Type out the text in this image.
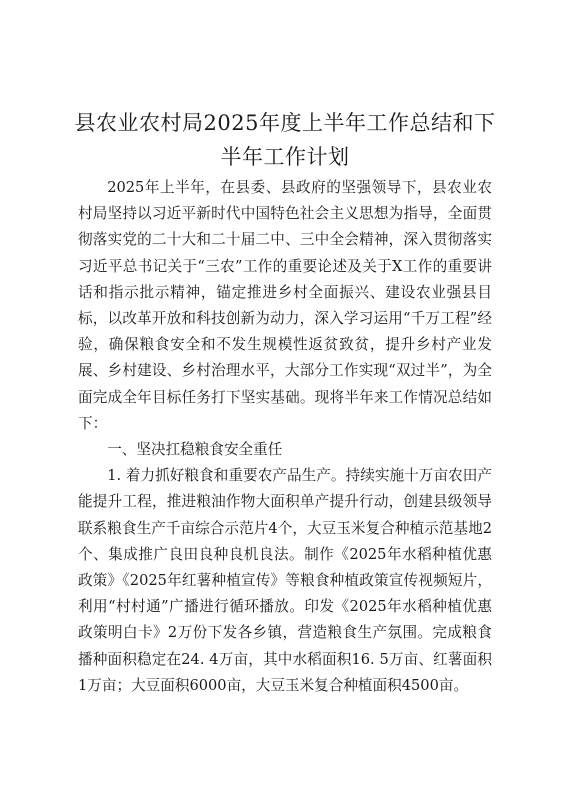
县农业农村局2025年度上半年工作总结和下
半年工作计划

2025年上半年，在县委、县政府的坚强领导下，县农业农村局坚持以习近平新时代中国特色社会主义思想为指导，全面贯彻落实党的二十大和二十届二中、三中全会精神，深入贯彻落实习近平总书记关于“三农”工作的重要论述及关于X工作的重要讲话和指示批示精神，锚定推进乡村全面振兴、建设农业强县目标，以改革开放和科技创新为动力，深入学习运用“千万工程”经验，确保粮食安全和不发生规模性返贫致贫，提升乡村产业发展、乡村建设、乡村治理水平，大部分工作实现“双过半”，为全面完成全年目标任务打下坚实基础。现将半年来工作情况总结如下：

一、坚决扛稳粮食安全重任

1. 着力抓好粮食和重要农产品生产。持续实施十万亩农田产能提升工程，推进粮油作物大面积单产提升行动，创建县级领导联系粮食生产千亩综合示范片4个，大豆玉米复合种植示范基地2个、集成推广良田良种良机良法。制作《2025年水稻种植优惠政策》《2025年红薯种植宣传》等粮食种植政策宣传视频短片，利用“村村通”广播进行循环播放。印发《2025年水稻种植优惠政策明白卡》2万份下发各乡镇，营造粮食生产氛围。完成粮食播种面积稳定在24. 4万亩，其中水稻面积16. 5万亩、红薯面积1万亩；大豆面积6000亩，大豆玉米复合种植面积4500亩。
